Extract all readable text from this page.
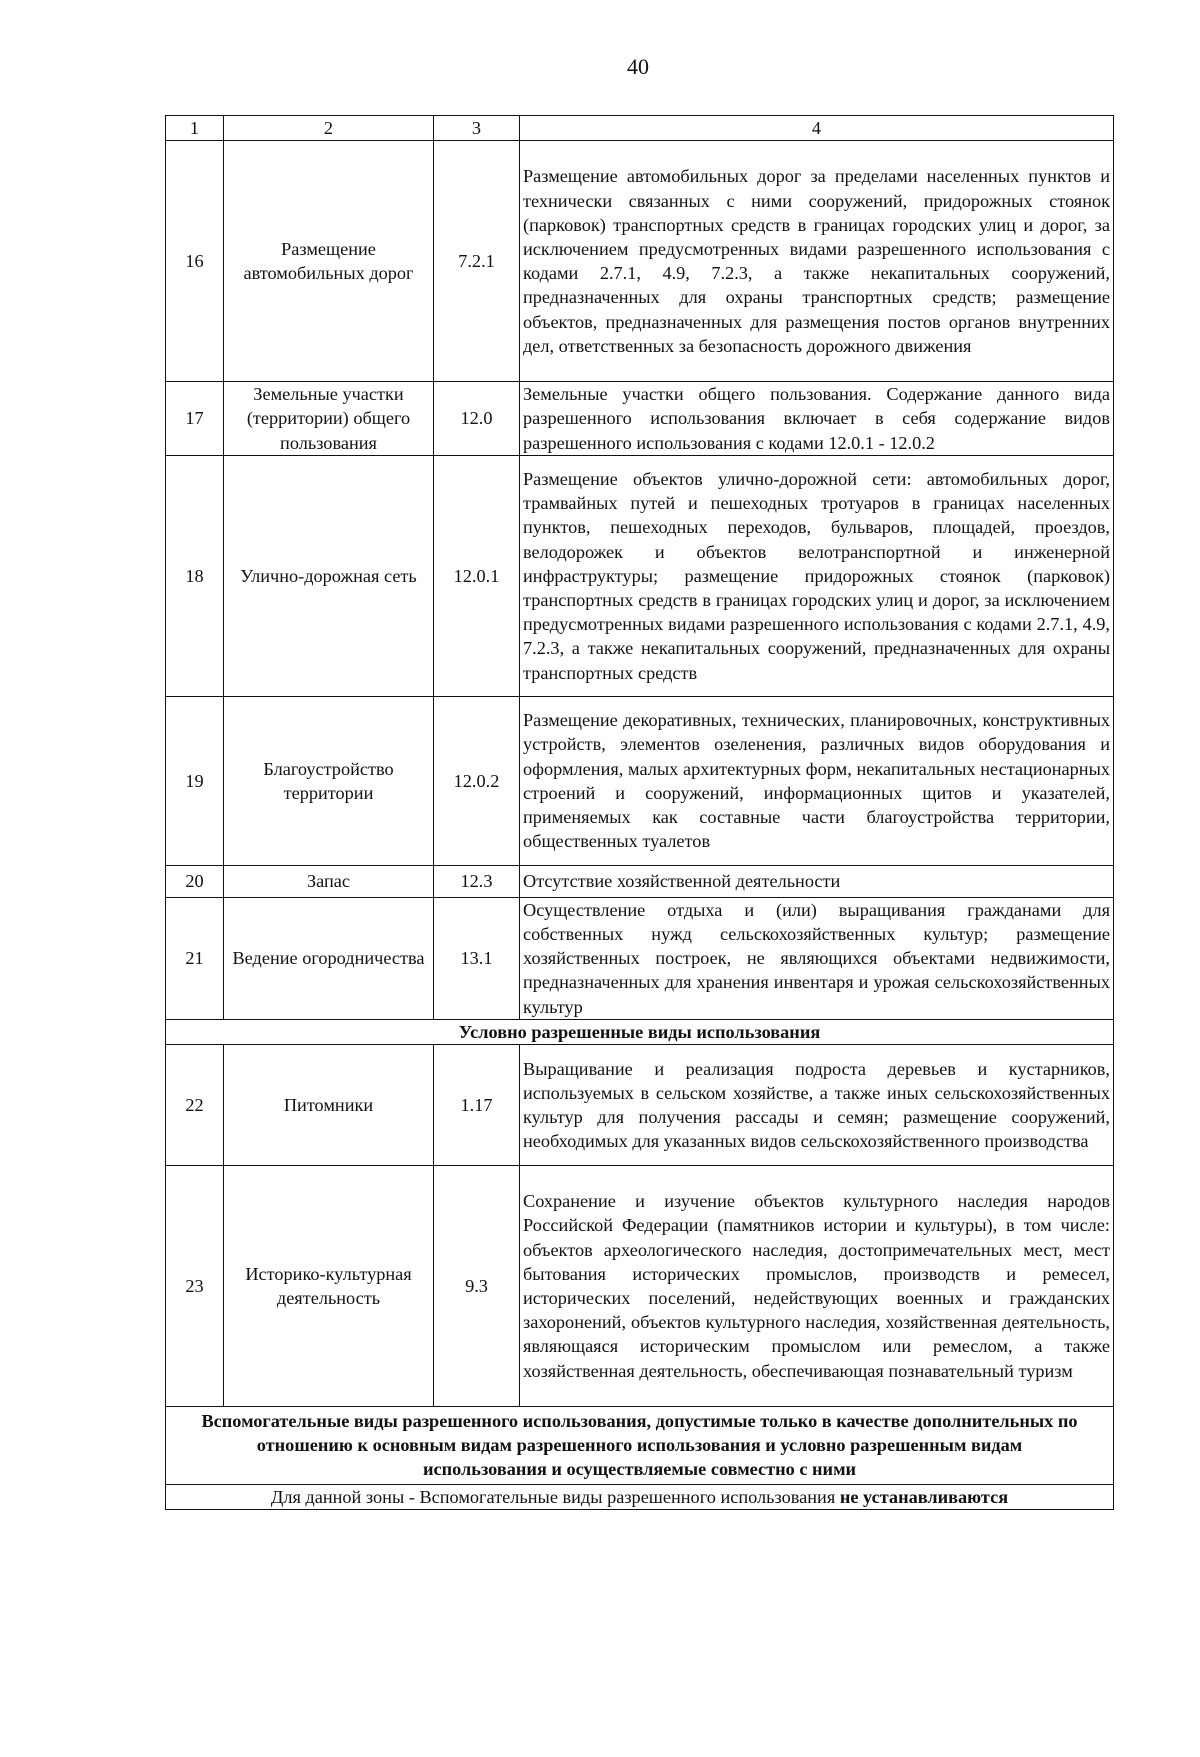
40
1	2	3	4
16	Размещение автомобильных дорог	7.2.1	Размещение автомобильных дорог за пределами населенных пунктов и технически связанных с ними сооружений, придорожных стоянок (парковок) транспортных средств в границах городских улиц и дорог, за исключением предусмотренных видами разрешенного использования с кодами 2.7.1, 4.9, 7.2.3, а также некапитальных сооружений, предназначенных для охраны транспортных средств; размещение объектов, предназначенных для размещения постов органов внутренних дел, ответственных за безопасность дорожного движения
17	Земельные участки (территории) общего пользования	12.0	Земельные участки общего пользования. Содержание данного вида разрешенного использования включает в себя содержание видов разрешенного использования с кодами 12.0.1 - 12.0.2
18	Улично-дорожная сеть	12.0.1	Размещение объектов улично-дорожной сети: автомобильных дорог, трамвайных путей и пешеходных тротуаров в границах населенных пунктов, пешеходных переходов, бульваров, площадей, проездов, велодорожек и объектов велотранспортной и инженерной инфраструктуры; размещение придорожных стоянок (парковок) транспортных средств в границах городских улиц и дорог, за исключением предусмотренных видами разрешенного использования с кодами 2.7.1, 4.9, 7.2.3, а также некапитальных сооружений, предназначенных для охраны транспортных средств
19	Благоустройство территории	12.0.2	Размещение декоративных, технических, планировочных, конструктивных устройств, элементов озеленения, различных видов оборудования и оформления, малых архитектурных форм, некапитальных нестационарных строений и сооружений, информационных щитов и указателей, применяемых как составные части благоустройства территории, общественных туалетов
20	Запас	12.3	Отсутствие хозяйственной деятельности
21	Ведение огородничества	13.1	Осуществление отдыха и (или) выращивания гражданами для собственных нужд сельскохозяйственных культур; размещение хозяйственных построек, не являющихся объектами недвижимости, предназначенных для хранения инвентаря и урожая сельскохозяйственных культур
Условно разрешенные виды использования			
22	Питомники	1.17	Выращивание и реализация подроста деревьев и кустарников, используемых в сельском хозяйстве, а также иных сельскохозяйственных культур для получения рассады и семян; размещение сооружений, необходимых для указанных видов сельскохозяйственного производства
23	Историко-культурная деятельность	9.3	Сохранение и изучение объектов культурного наследия народов Российской Федерации (памятников истории и культуры), в том числе: объектов археологического наследия, достопримечательных мест, мест бытования исторических промыслов, производств и ремесел, исторических поселений, недействующих военных и гражданских захоронений, объектов культурного наследия, хозяйственная деятельность, являющаяся историческим промыслом или ремеслом, а также хозяйственная деятельность, обеспечивающая познавательный туризм
Вспомогательные виды разрешенного использования, допустимые только в качестве дополнительных по отношению к основным видам разрешенного использования и условно разрешенным видам использования и осуществляемые совместно с ними			
Для данной зоны - Вспомогательные виды разрешенного использования не устанавливаются			
